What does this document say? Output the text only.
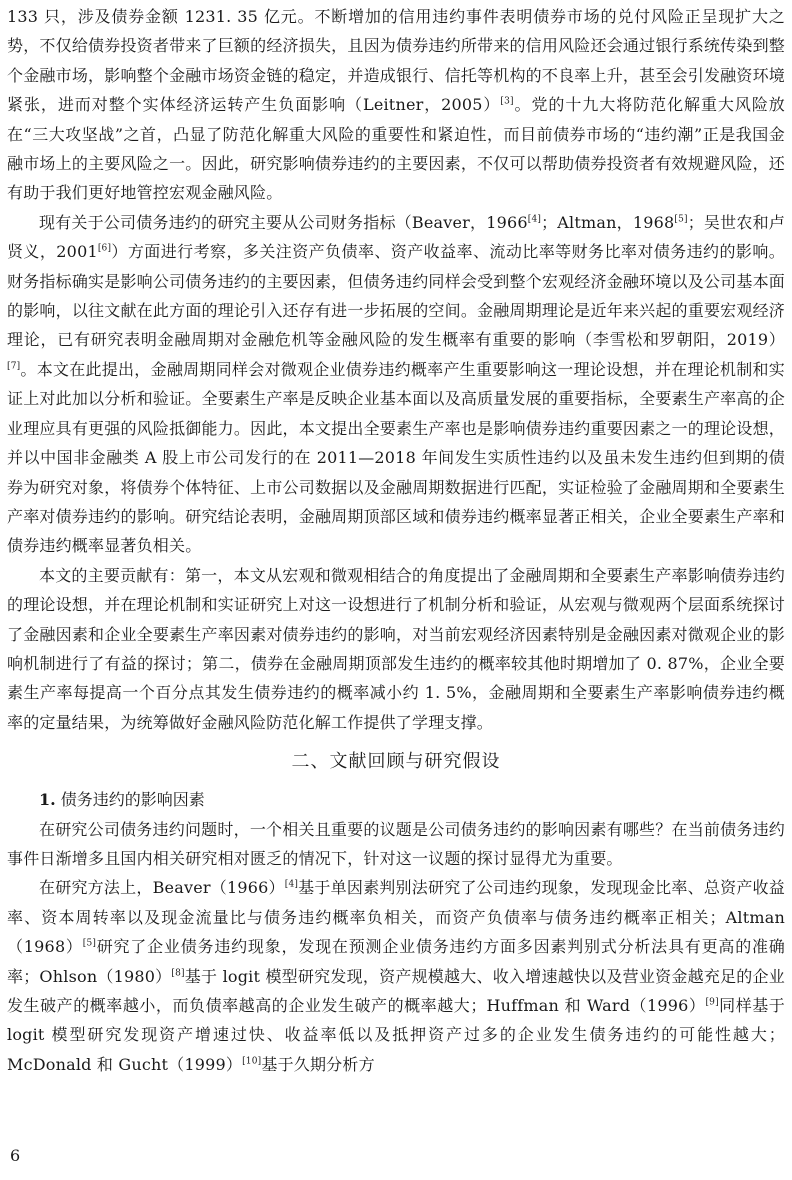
133 只，涉及债券金额 1231. 35 亿元。不断增加的信用违约事件表明债券市场的兑付风险正呈现扩大之势，不仅给债券投资者带来了巨额的经济损失，且因为债券违约所带来的信用风险还会通过银行系统传染到整个金融市场，影响整个金融市场资金链的稳定，并造成银行、信托等机构的不良率上升，甚至会引发融资环境紧张，进而对整个实体经济运转产生负面影响（Leitner，2005）[3]。党的十九大将防范化解重大风险放在“三大攻坚战”之首，凸显了防范化解重大风险的重要性和紧迫性，而目前债券市场的“违约潮”正是我国金融市场上的主要风险之一。因此，研究影响债券违约的主要因素，不仅可以帮助债券投资者有效规避风险，还有助于我们更好地管控宏观金融风险。

现有关于公司债务违约的研究主要从公司财务指标（Beaver，1966[4]；Altman，1968[5]；吴世农和卢贤义，2001[6]）方面进行考察，多关注资产负债率、资产收益率、流动比率等财务比率对债务违约的影响。财务指标确实是影响公司债务违约的主要因素，但债务违约同样会受到整个宏观经济金融环境以及公司基本面的影响，以往文献在此方面的理论引入还存有进一步拓展的空间。金融周期理论是近年来兴起的重要宏观经济理论，已有研究表明金融周期对金融危机等金融风险的发生概率有重要的影响（李雪松和罗朝阳，2019）[7]。本文在此提出，金融周期同样会对微观企业债券违约概率产生重要影响这一理论设想，并在理论机制和实证上对此加以分析和验证。全要素生产率是反映企业基本面以及高质量发展的重要指标，全要素生产率高的企业理应具有更强的风险抵御能力。因此，本文提出全要素生产率也是影响债券违约重要因素之一的理论设想，并以中国非金融类 A 股上市公司发行的在 2011—2018 年间发生实质性违约以及虽未发生违约但到期的债券为研究对象，将债券个体特征、上市公司数据以及金融周期数据进行匹配，实证检验了金融周期和全要素生产率对债券违约的影响。研究结论表明，金融周期顶部区域和债券违约概率显著正相关，企业全要素生产率和债券违约概率显著负相关。

本文的主要贡献有：第一，本文从宏观和微观相结合的角度提出了金融周期和全要素生产率影响债券违约的理论设想，并在理论机制和实证研究上对这一设想进行了机制分析和验证，从宏观与微观两个层面系统探讨了金融因素和企业全要素生产率因素对债券违约的影响，对当前宏观经济因素特别是金融因素对微观企业的影响机制进行了有益的探讨；第二，债券在金融周期顶部发生违约的概率较其他时期增加了 0. 87%，企业全要素生产率每提高一个百分点其发生债券违约的概率减小约 1. 5%，金融周期和全要素生产率影响债券违约概率的定量结果，为统筹做好金融风险防范化解工作提供了学理支撑。

二、文献回顾与研究假设
1. 债务违约的影响因素

在研究公司债务违约问题时，一个相关且重要的议题是公司债务违约的影响因素有哪些？在当前债务违约事件日渐增多且国内相关研究相对匮乏的情况下，针对这一议题的探讨显得尤为重要。

在研究方法上，Beaver（1966）[4]基于单因素判别法研究了公司违约现象，发现现金比率、总资产收益率、资本周转率以及现金流量比与债务违约概率负相关，而资产负债率与债务违约概率正相关；Altman（1968）[5]研究了企业债务违约现象，发现在预测企业债务违约方面多因素判别式分析法具有更高的准确率；Ohlson（1980）[8]基于 logit 模型研究发现，资产规模越大、收入增速越快以及营业资金越充足的企业发生破产的概率越小，而负债率越高的企业发生破产的概率越大；Huffman 和 Ward（1996）[9]同样基于 logit 模型研究发现资产增速过快、收益率低以及抵押资产过多的企业发生债务违约的可能性越大；McDonald 和 Gucht（1999）[10]基于久期分析方

6
